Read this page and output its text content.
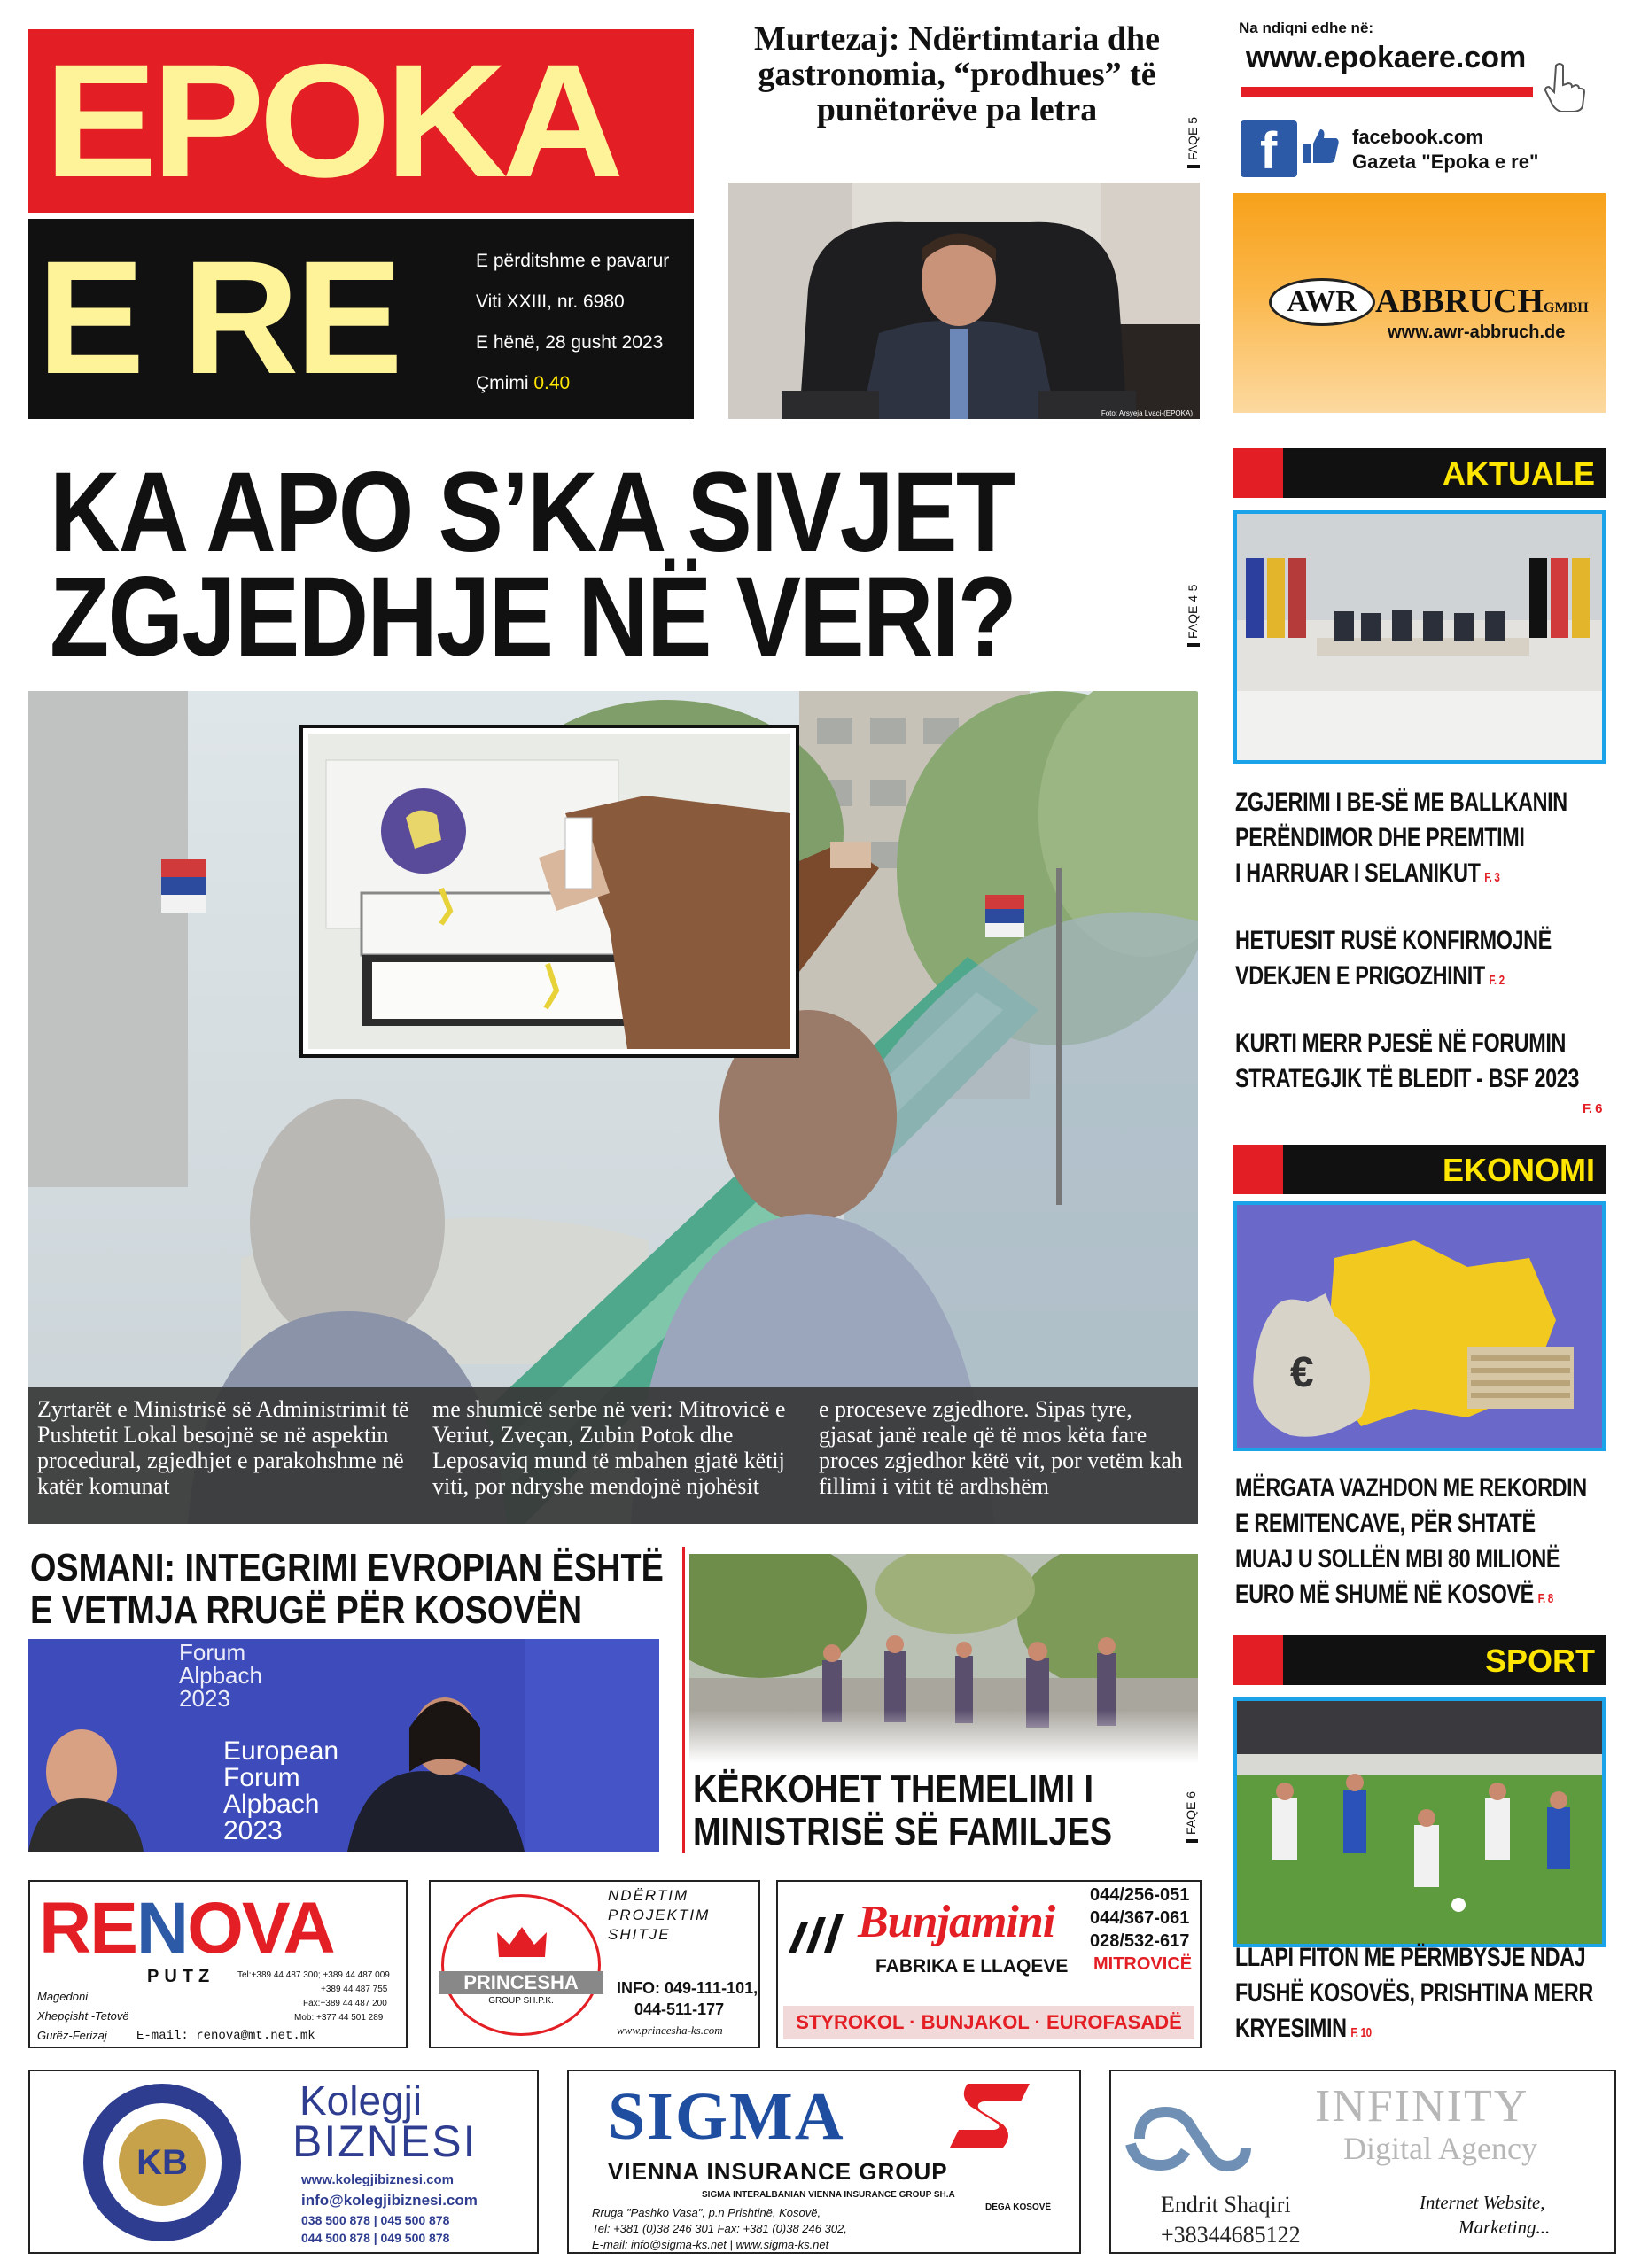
EPOKA
E RE	E përditshme e pavarur
Viti XXIII, nr. 6980
E hënë, 28 gusht 2023
Çmimi 0.40
Murtezaj: Ndërtimtaria dhe gastronomia, “prodhues” të punëtorëve pa letra
FAQE 5
Foto: Arsyeja Lvaci-(EPOKA)
Na ndiqni edhe në:
www.epokaere.com
f	facebook.com
Gazeta "Epoka e re"
AWR ABBRUCHGMBH
www.awr-abbruch.de
KA APO S’KA SIVJET
ZGJEDHJE NË VERI?	FAQE 4-5
Zyrtarët e Ministrisë së Administrimit të Pushtetit Lokal besojnë se në aspektin procedural, zgjedhjet e parakohshme në katër komunat
me shumicë serbe në veri: Mitrovicë e Veriut, Zveçan, Zubin Potok dhe Leposaviq mund të mbahen gjatë këtij viti, por ndryshe mendojnë njohësit
e proceseve zgjedhore. Sipas tyre, gjasat janë reale që të mos këta fare proces zgjedhor këtë vit, por vetëm kah fillimi i vitit të ardhshëm
OSMANI: INTEGRIMI EVROPIAN ËSHTË
E VETMJA RRUGË PËR KOSOVËN
Forum
Alpbach
2023
European
Forum
Alpbach
2023
KËRKOHET THEMELIMI I
MINISTRISË SË FAMILJES	FAQE 6
AKTUALE
ZGJERIMI I BE-SË ME BALLKANIN
PERËNDIMOR DHE PREMTIMI
I HARRUAR I SELANIKUT F. 3
HETUESIT RUSË KONFIRMOJNË
VDEKJEN E PRIGOZHINIT F. 2
KURTI MERR PJESË NË FORUMIN
STRATEGJIK TË BLEDIT - BSF 2023
F. 6
EKONOMI
€
MËRGATA VAZHDON ME REKORDIN
E REMITENCAVE, PËR SHTATË
MUAJ U SOLLËN MBI 80 MILIONË
EURO MË SHUMË NË KOSOVË F. 8
SPORT
LLAPI FITON ME PËRMBYSJE NDAJ
FUSHË KOSOVËS, PRISHTINA MERR
KRYESIMIN F. 10
RENOVA
PUTZ
Magedoni
Xhepçisht -Tetovë
Gurëz-Ferizaj
Tel:+389 44 487 300; +389 44 487 009
+389 44 487 755
Fax:+389 44 487 200
Mob: +377 44 501 289
E-mail: renova@mt.net.mk
PRINCESHA
GROUP SH.P.K.
NDËRTIM
PROJEKTIM
SHITJE
INFO: 049-111-101,
044-511-177
www.princesha-ks.com
Bunjamini
FABRIKA E LLAQEVE
044/256-051
044/367-061
028/532-617
MITROVICË
STYROKOL · BUNJAKOL · EUROFASADË
KB
Kolegji
BIZNESI
www.kolegjibiznesi.com
info@kolegjibiznesi.com
038 500 878 | 045 500 878
044 500 878 | 049 500 878
SIGMA
VIENNA INSURANCE GROUP
SIGMA INTERALBANIAN VIENNA INSURANCE GROUP SH.A
DEGA KOSOVË
Rruga "Pashko Vasa", p.n Prishtinë, Kosovë,
Tel: +381 (0)38 246 301 Fax: +381 (0)38 246 302,
E-mail: info@sigma-ks.net | www.sigma-ks.net
INFINITY
Digital Agency
Endrit Shaqiri
+38344685122
Internet Website,
Marketing...
